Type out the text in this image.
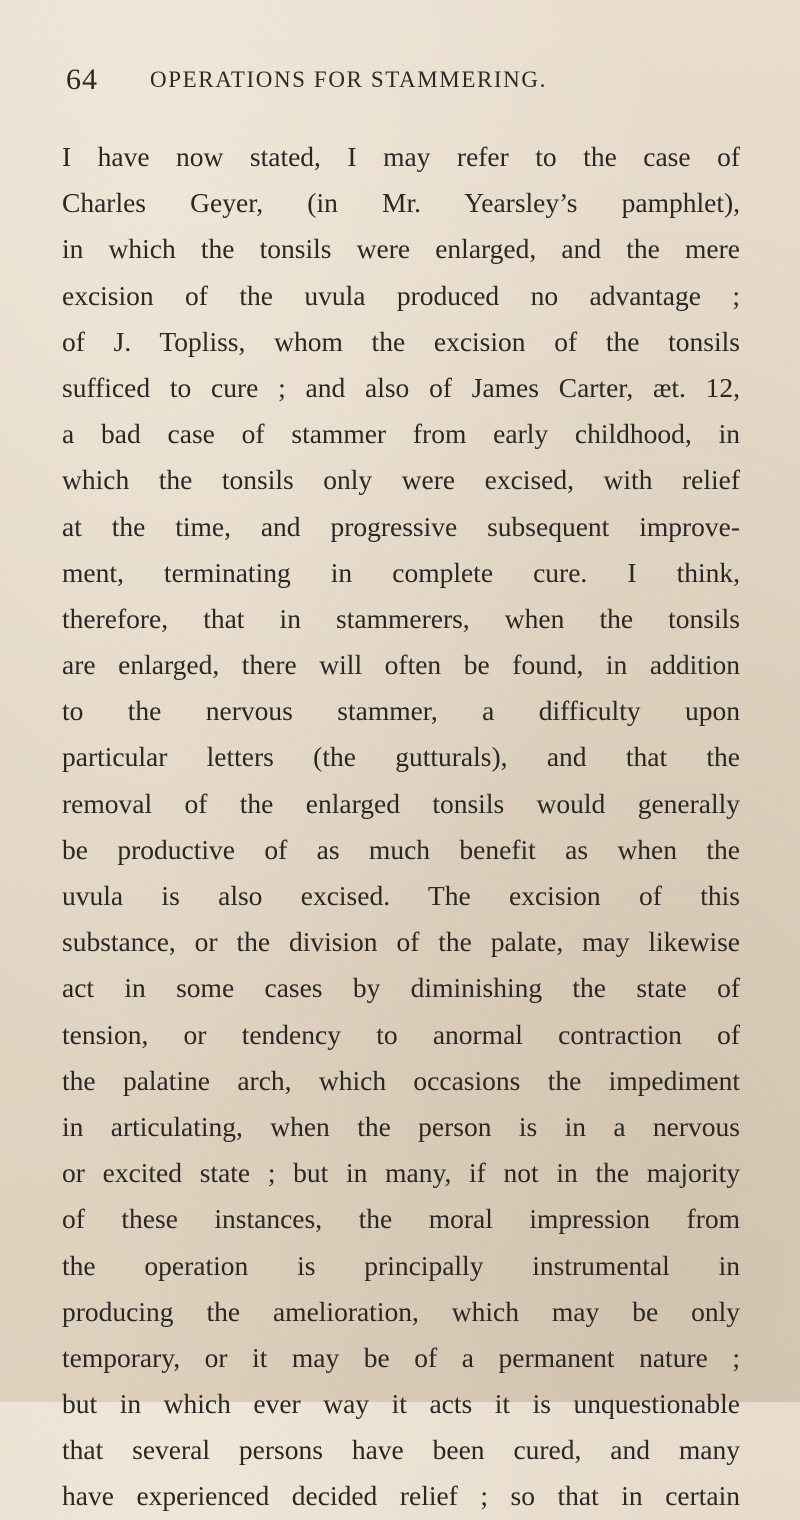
64 OPERATIONS FOR STAMMERING.
I have now stated, I may refer to the case of
Charles Geyer, (in Mr. Yearsley’s pamphlet),
in which the tonsils were enlarged, and the mere
excision of the uvula produced no advantage ;
of J. Topliss, whom the excision of the tonsils
sufficed to cure ; and also of James Carter, æt. 12,
a bad case of stammer from early childhood, in
which the tonsils only were excised, with relief
at the time, and progressive subsequent improve-
ment, terminating in complete cure. I think,
therefore, that in stammerers, when the tonsils
are enlarged, there will often be found, in addition
to the nervous stammer, a difficulty upon
particular letters (the gutturals), and that the
removal of the enlarged tonsils would generally
be productive of as much benefit as when the
uvula is also excised. The excision of this
substance, or the division of the palate, may likewise
act in some cases by diminishing the state of
tension, or tendency to anormal contraction of
the palatine arch, which occasions the impediment
in articulating, when the person is in a nervous
or excited state ; but in many, if not in the majority
of these instances, the moral impression from
the operation is principally instrumental in
producing the amelioration, which may be only
temporary, or it may be of a permanent nature ;
but in which ever way it acts it is unquestionable
that several persons have been cured, and many
have experienced decided relief ; so that in certain
